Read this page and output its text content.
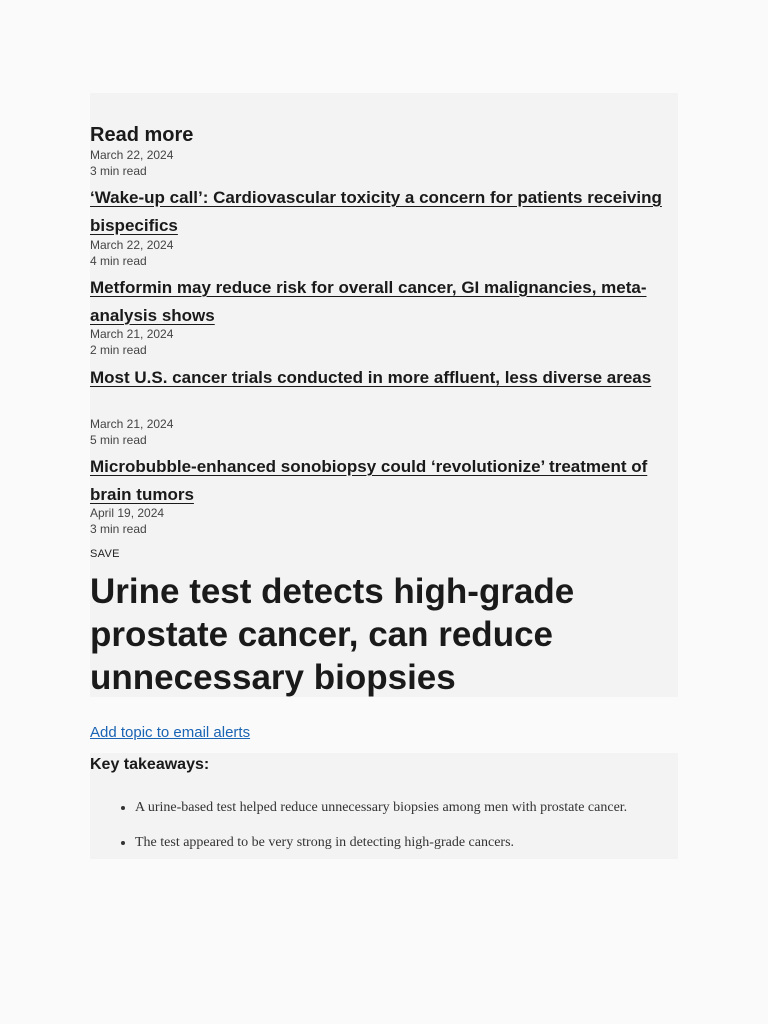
Read more
March 22, 2024
3 min read
‘Wake-up call’: Cardiovascular toxicity a concern for patients receiving bispecifics
March 22, 2024
4 min read
Metformin may reduce risk for overall cancer, GI malignancies, meta-analysis shows
March 21, 2024
2 min read
Most U.S. cancer trials conducted in more affluent, less diverse areas
March 21, 2024
5 min read
Microbubble-enhanced sonobiopsy could ‘revolutionize’ treatment of brain tumors
April 19, 2024
3 min read
SAVE
Urine test detects high-grade prostate cancer, can reduce unnecessary biopsies
Add topic to email alerts
Key takeaways:
• A urine-based test helped reduce unnecessary biopsies among men with prostate cancer.
• The test appeared to be very strong in detecting high-grade cancers.
